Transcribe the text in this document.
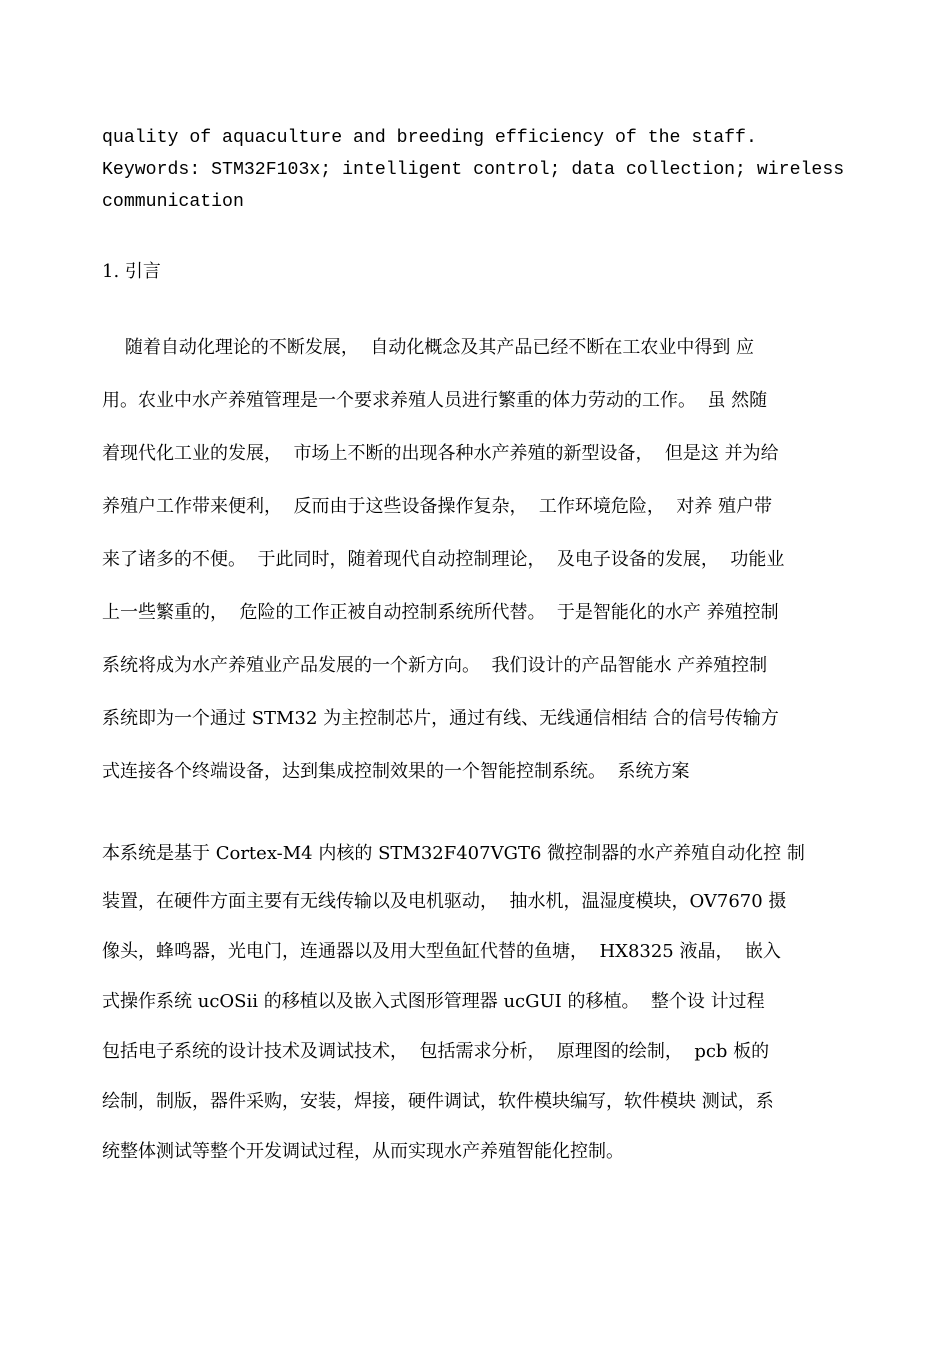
quality of aquaculture and breeding efficiency of the staff.
Keywords: STM32F103x; intelligent control; data collection; wireless
communication
1. 引言
随着自动化理论的不断发展，  自动化概念及其产品已经不断在工农业中得到 应
用。农业中水产养殖管理是一个要求养殖人员进行繁重的体力劳动的工作。  虽 然随
着现代化工业的发展，  市场上不断的出现各种水产养殖的新型设备，  但是这 并为给
养殖户工作带来便利，  反而由于这些设备操作复杂，  工作环境危险，  对养 殖户带
来了诸多的不便。  于此同时，随着现代自动控制理论，  及电子设备的发展，  功能业
上一些繁重的，  危险的工作正被自动控制系统所代替。  于是智能化的水产 养殖控制
系统将成为水产养殖业产品发展的一个新方向。  我们设计的产品智能水 产养殖控制
系统即为一个通过 STM32 为主控制芯片，通过有线、无线通信相结 合的信号传输方
式连接各个终端设备，达到集成控制效果的一个智能控制系统。  系统方案
本系统是基于 Cortex-M4 内核的 STM32F407VGT6 微控制器的水产养殖自动化控 制
装置，在硬件方面主要有无线传输以及电机驱动，  抽水机，温湿度模块，OV7670 摄
像头，蜂鸣器，光电门，连通器以及用大型鱼缸代替的鱼塘，  HX8325 液晶，  嵌入
式操作系统 ucOSii 的移植以及嵌入式图形管理器 ucGUI 的移植。  整个设 计过程
包括电子系统的设计技术及调试技术，  包括需求分析，  原理图的绘制，  pcb 板的
绘制，制版，器件采购，安装，焊接，硬件调试，软件模块编写，软件模块 测试，系
统整体测试等整个开发调试过程，从而实现水产养殖智能化控制。
